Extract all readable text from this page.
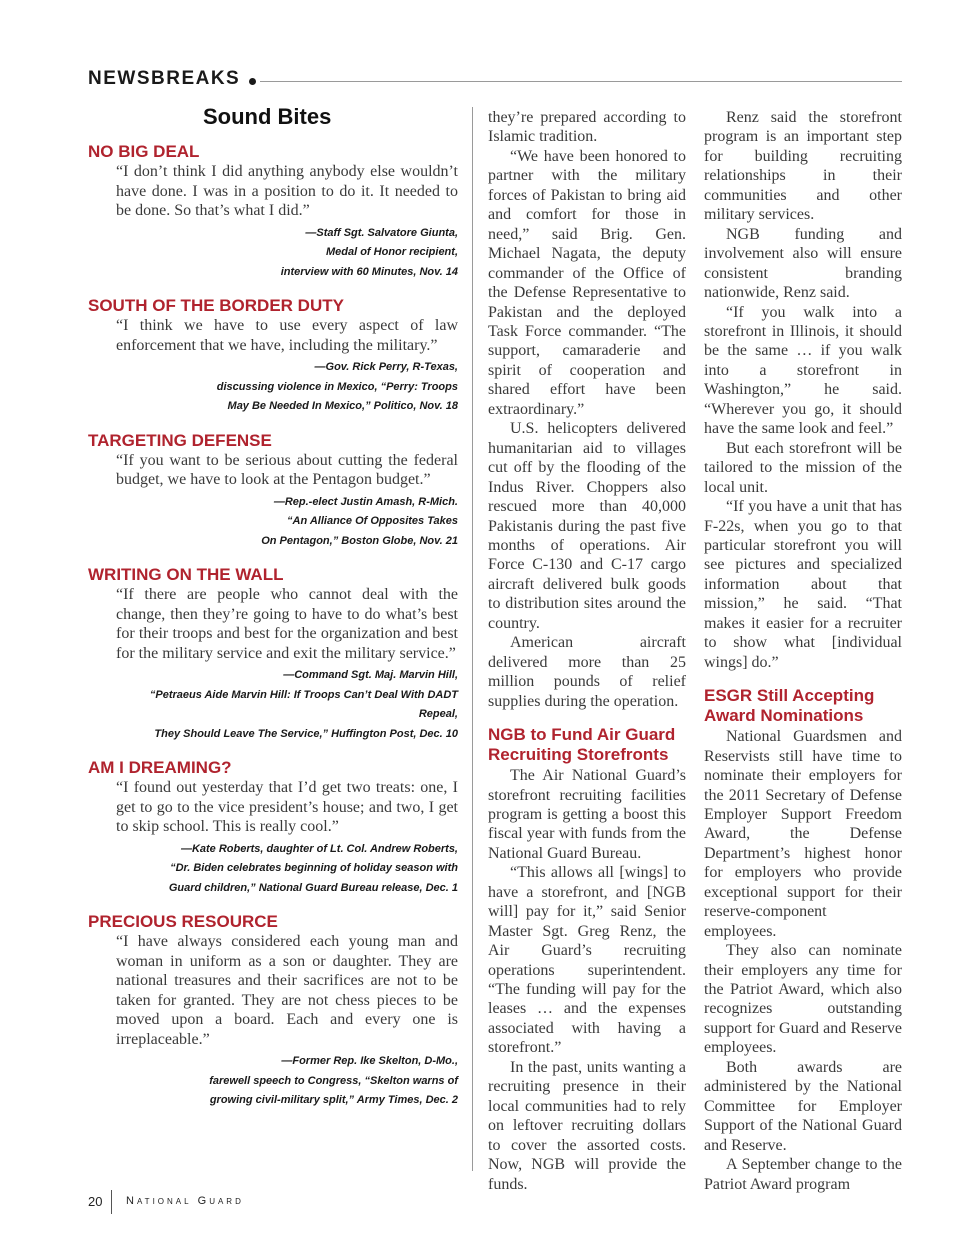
NEWSBREAKS
Sound Bites
NO BIG DEAL
“I don’t think I did anything anybody else wouldn’t have done. I was in a position to do it. It needed to be done. So that’s what I did.”
—Staff Sgt. Salvatore Giunta,
Medal of Honor recipient,
interview with 60 Minutes, Nov. 14
SOUTH OF THE BORDER DUTY
“I think we have to use every aspect of law enforcement that we have, including the military.”
—Gov. Rick Perry, R-Texas,
discussing violence in Mexico, “Perry: Troops
May Be Needed In Mexico,” Politico, Nov. 18
TARGETING DEFENSE
“If you want to be serious about cutting the federal budget, we have to look at the Pentagon budget.”
—Rep.-elect Justin Amash, R-Mich.
“An Alliance Of Opposites Takes
On Pentagon,” Boston Globe, Nov. 21
WRITING ON THE WALL
“If there are people who cannot deal with the change, then they’re going to have to do what’s best for their troops and best for the organization and best for the military service and exit the military service.”
—Command Sgt. Maj. Marvin Hill,
“Petraeus Aide Marvin Hill: If Troops Can’t Deal With DADT Repeal,
They Should Leave The Service,” Huffington Post, Dec. 10
AM I DREAMING?
“I found out yesterday that I’d get two treats: one, I get to go to the vice president’s house; and two, I get to skip school. This is really cool.”
—Kate Roberts, daughter of Lt. Col. Andrew Roberts,
“Dr. Biden celebrates beginning of holiday season with
Guard children,” National Guard Bureau release, Dec. 1
PRECIOUS RESOURCE
“I have always considered each young man and woman in uniform as a son or daughter. They are national treasures and their sacrifices are not to be taken for granted. They are not chess pieces to be moved upon a board. Each and every one is irreplaceable.”
—Former Rep. Ike Skelton, D-Mo.,
farewell speech to Congress, “Skelton warns of
growing civil-military split,” Army Times, Dec. 2

they’re prepared according to Islamic tradition.

“We have been honored to partner with the military forces of Pakistan to bring aid and comfort for those in need,” said Brig. Gen. Michael Nagata, the deputy commander of the Office of the Defense Representative to Pakistan and the deployed Task Force commander. “The support, camaraderie and spirit of cooperation and shared effort have been extraordinary.”

U.S. helicopters delivered humanitarian aid to villages cut off by the flooding of the Indus River. Choppers also rescued more than 40,000 Pakistanis during the past five months of operations. Air Force C-130 and C-17 cargo aircraft delivered bulk goods to distribution sites around the country.

American aircraft delivered more than 25 million pounds of relief supplies during the operation.

NGB to Fund Air Guard Recruiting Storefronts

The Air National Guard’s storefront recruiting facilities program is getting a boost this fiscal year with funds from the National Guard Bureau.

“This allows all [wings] to have a storefront, and [NGB will] pay for it,” said Senior Master Sgt. Greg Renz, the Air Guard’s recruiting operations superintendent. “The funding will pay for the leases … and the expenses associated with having a storefront.”

In the past, units wanting a recruiting presence in their local communities had to rely on leftover recruiting dollars to cover the assorted costs. Now, NGB will provide the funds.

Renz said the storefront program is an important step for building recruiting relationships in their communities and other military services.

NGB funding and involvement also will ensure consistent branding nationwide, Renz said.

“If you walk into a storefront in Illinois, it should be the same … if you walk into a storefront in Washington,” he said. “Wherever you go, it should have the same look and feel.”

But each storefront will be tailored to the mission of the local unit.

“If you have a unit that has F-22s, when you go to that particular storefront you will see pictures and specialized information about that mission,” he said. “That makes it easier for a recruiter to show what [individual wings] do.”

ESGR Still Accepting Award Nominations

National Guardsmen and Reservists still have time to nominate their employers for the 2011 Secretary of Defense Employer Support Freedom Award, the Defense Department’s highest honor for employers who provide exceptional support for their reserve-component employees.

They also can nominate their employers any time for the Patriot Award, which also recognizes outstanding support for Guard and Reserve employees.

Both awards are administered by the National Committee for Employer Support of the National Guard and Reserve.

A September change to the Patriot Award program

20 National Guard
